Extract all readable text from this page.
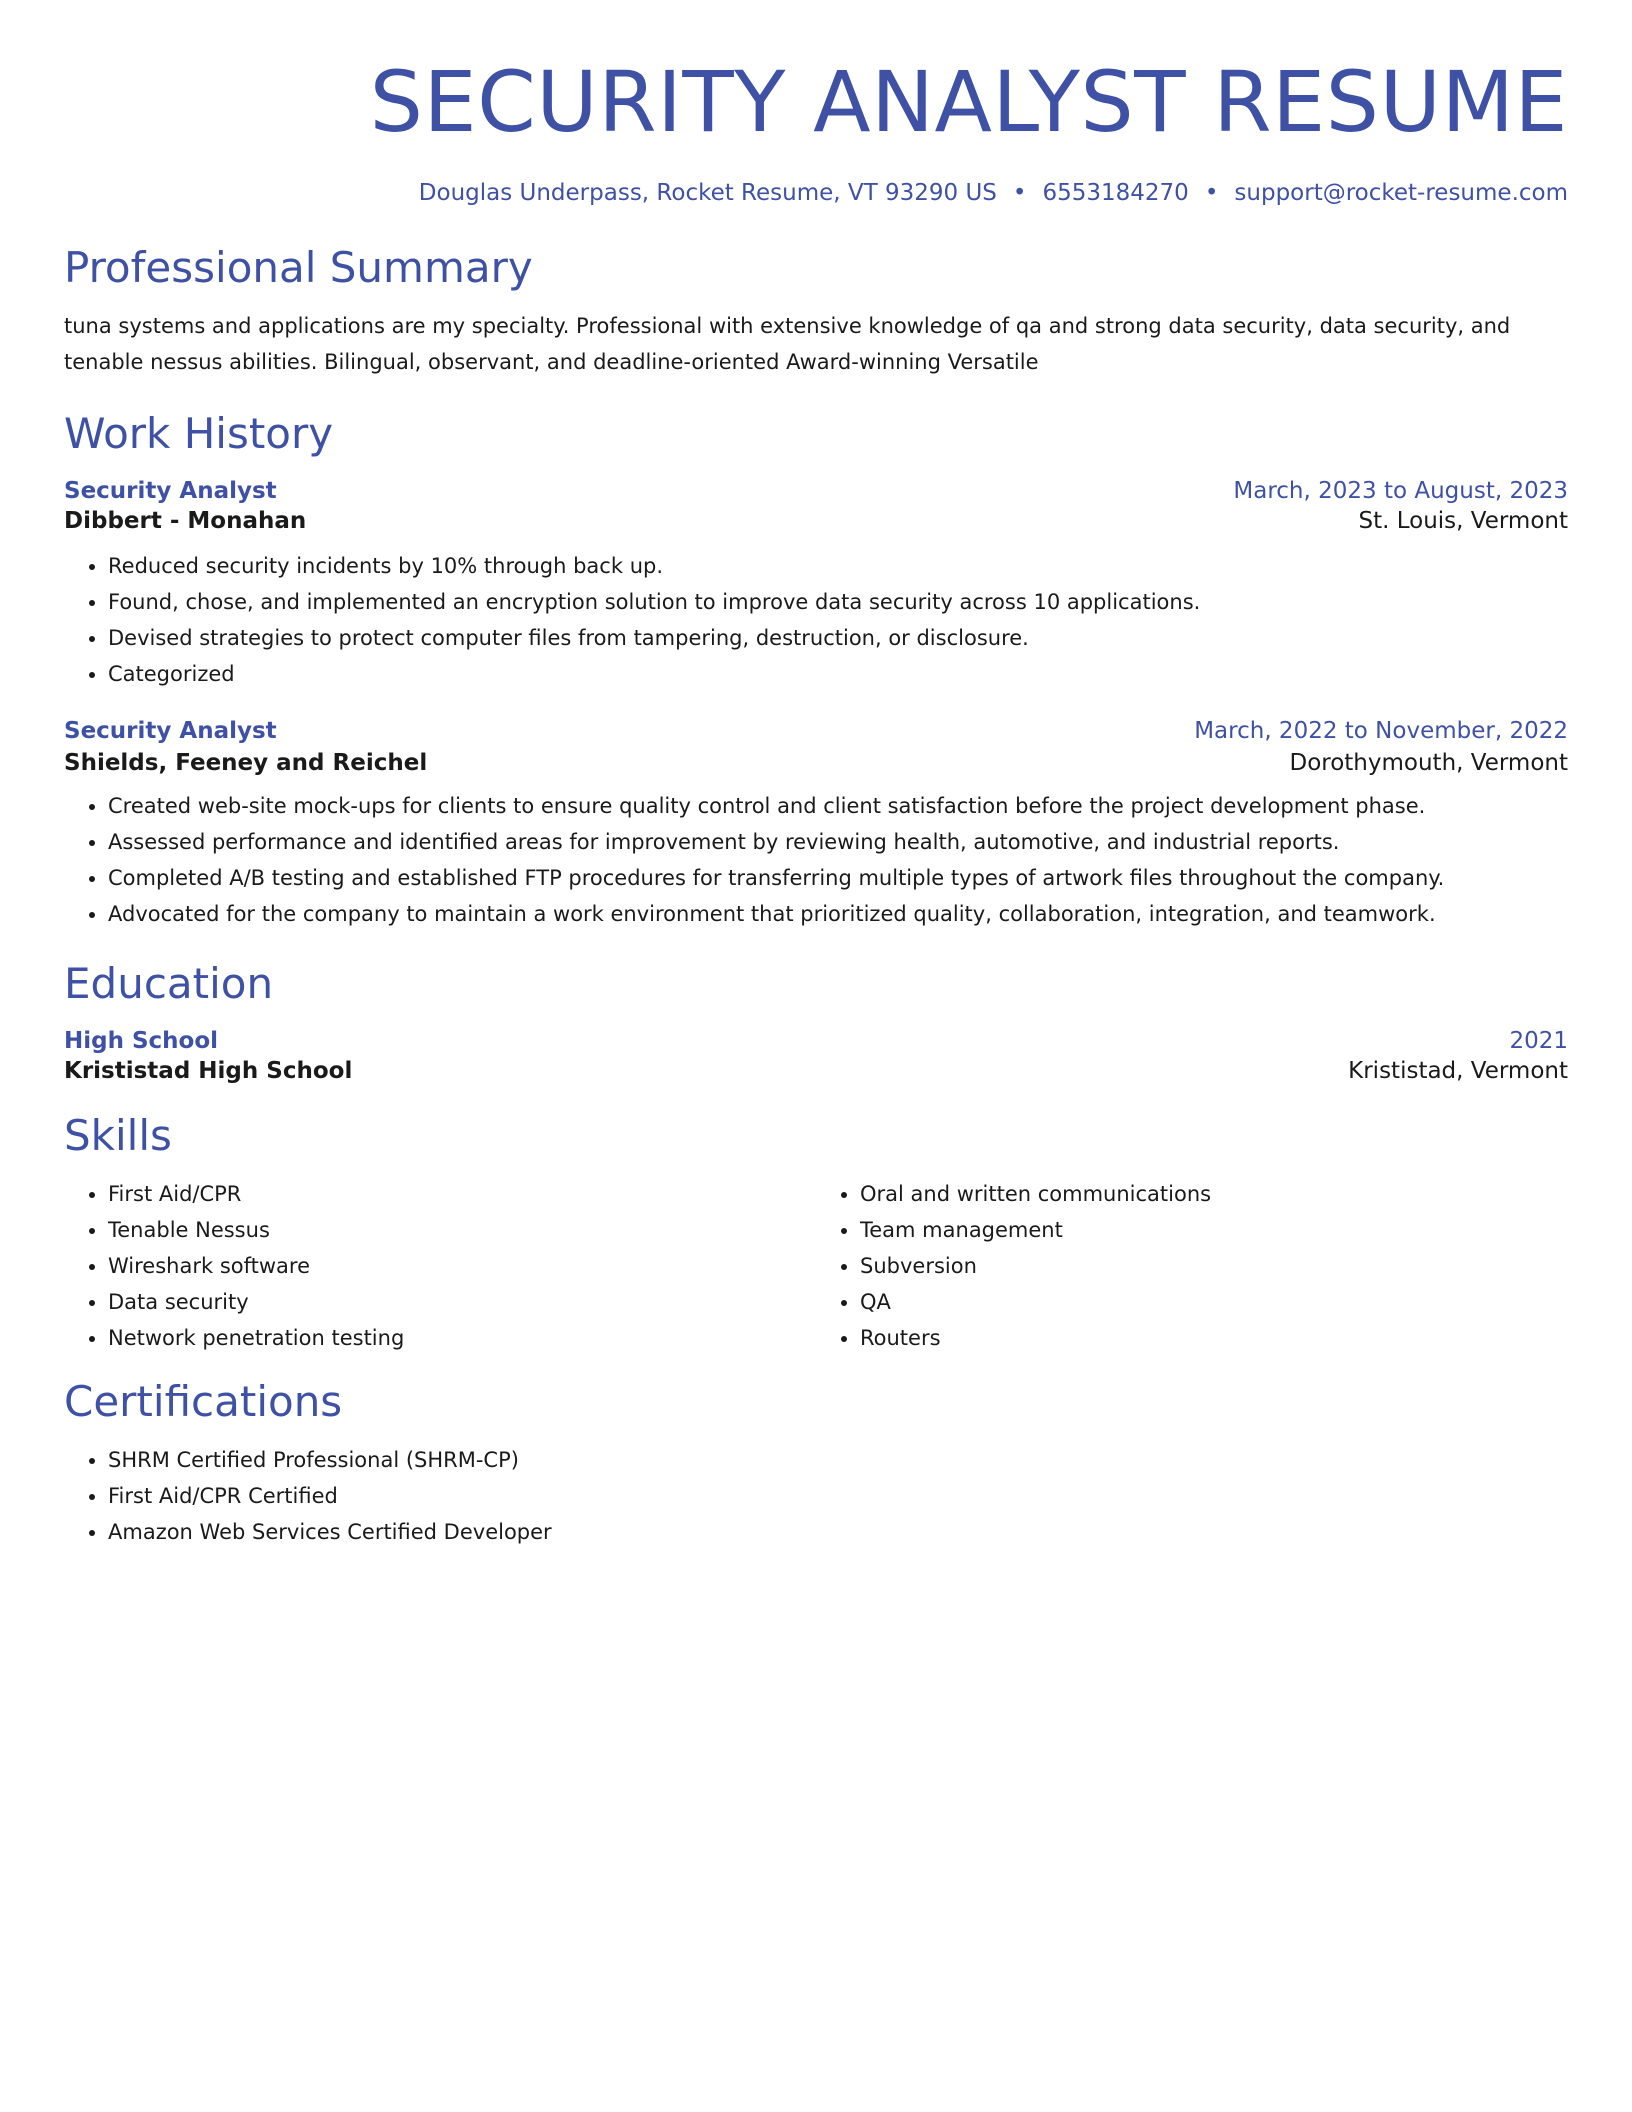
SECURITY ANALYST RESUME
Douglas Underpass, Rocket Resume, VT 93290 US • 6553184270 • support@rocket-resume.com
Professional Summary
tuna systems and applications are my specialty. Professional with extensive knowledge of qa and strong data security, data security, and tenable nessus abilities. Bilingual, observant, and deadline-oriented Award-winning Versatile
Work History
Security Analyst	March, 2023 to August, 2023
Dibbert - Monahan	St. Louis, Vermont
• Reduced security incidents by 10% through back up.
• Found, chose, and implemented an encryption solution to improve data security across 10 applications.
• Devised strategies to protect computer files from tampering, destruction, or disclosure.
• Categorized
Security Analyst	March, 2022 to November, 2022
Shields, Feeney and Reichel	Dorothymouth, Vermont
• Created web-site mock-ups for clients to ensure quality control and client satisfaction before the project development phase.
• Assessed performance and identified areas for improvement by reviewing health, automotive, and industrial reports.
• Completed A/B testing and established FTP procedures for transferring multiple types of artwork files throughout the company.
• Advocated for the company to maintain a work environment that prioritized quality, collaboration, integration, and teamwork.
Education
High School	2021
Krististad High School	Krististad, Vermont
Skills
• First Aid/CPR
• Tenable Nessus
• Wireshark software
• Data security
• Network penetration testing
• Oral and written communications
• Team management
• Subversion
• QA
• Routers
Certifications
• SHRM Certified Professional (SHRM-CP)
• First Aid/CPR Certified
• Amazon Web Services Certified Developer
